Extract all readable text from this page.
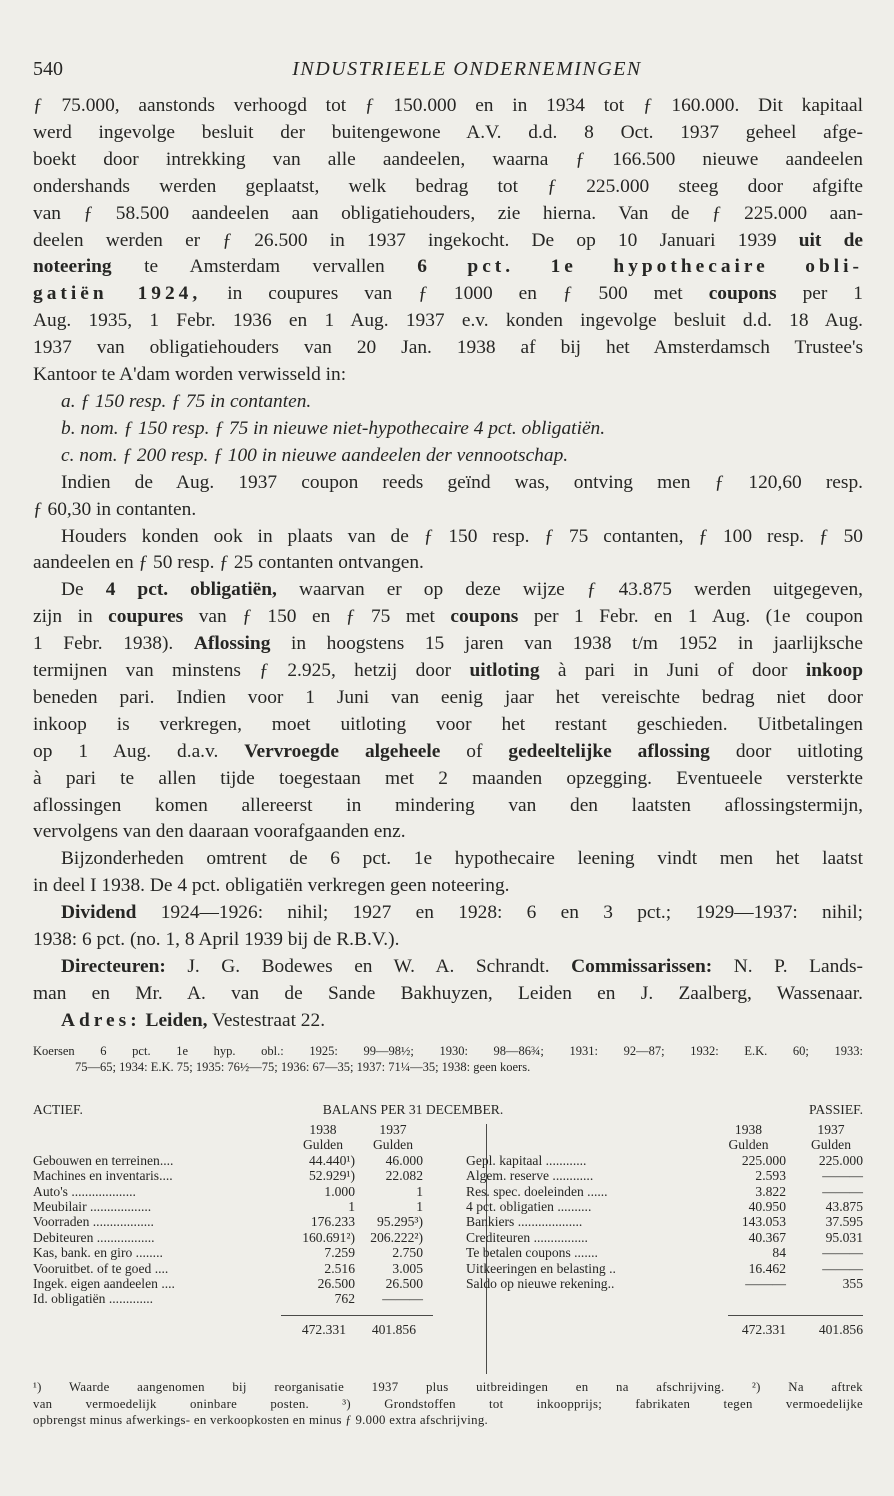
540	INDUSTRIEELE ONDERNEMINGEN

ƒ 75.000, aanstonds verhoogd tot ƒ 150.000 en in 1934 tot ƒ 160.000. Dit kapitaal

werd ingevolge besluit der buitengewone A.V. d.d. 8 Oct. 1937 geheel afge-

boekt door intrekking van alle aandeelen, waarna ƒ 166.500 nieuwe aandeelen

ondershands werden geplaatst, welk bedrag tot ƒ 225.000 steeg door afgifte

van ƒ 58.500 aandeelen aan obligatiehouders, zie hierna. Van de ƒ 225.000 aan-

deelen werden er ƒ 26.500 in 1937 ingekocht. De op 10 Januari 1939 uit de

noteering te Amsterdam vervallen 6 pct. 1e hypothecaire obli-

gatiën 1924, in coupures van ƒ 1000 en ƒ 500 met coupons per 1

Aug. 1935, 1 Febr. 1936 en 1 Aug. 1937 e.v. konden ingevolge besluit d.d. 18 Aug.

1937 van obligatiehouders van 20 Jan. 1938 af bij het Amsterdamsch Trustee's

Kantoor te A'dam worden verwisseld in:

a. ƒ 150 resp. ƒ 75 in contanten.

b. nom. ƒ 150 resp. ƒ 75 in nieuwe niet-hypothecaire 4 pct. obligatiën.

c. nom. ƒ 200 resp. ƒ 100 in nieuwe aandeelen der vennootschap.

Indien de Aug. 1937 coupon reeds geïnd was, ontving men ƒ 120,60 resp.

ƒ 60,30 in contanten.

Houders konden ook in plaats van de ƒ 150 resp. ƒ 75 contanten, ƒ 100 resp. ƒ 50

aandeelen en ƒ 50 resp. ƒ 25 contanten ontvangen.

De 4 pct. obligatiën, waarvan er op deze wijze ƒ 43.875 werden uitgegeven,

zijn in coupures van ƒ 150 en ƒ 75 met coupons per 1 Febr. en 1 Aug. (1e coupon

1 Febr. 1938). Aflossing in hoogstens 15 jaren van 1938 t/m 1952 in jaarlijksche

termijnen van minstens ƒ 2.925, hetzij door uitloting à pari in Juni of door inkoop

beneden pari. Indien voor 1 Juni van eenig jaar het vereischte bedrag niet door

inkoop is verkregen, moet uitloting voor het restant geschieden. Uitbetalingen

op 1 Aug. d.a.v. Vervroegde algeheele of gedeeltelijke aflossing door uitloting

à pari te allen tijde toegestaan met 2 maanden opzegging. Eventueele versterkte

aflossingen komen allereerst in mindering van den laatsten aflossingstermijn,

vervolgens van den daaraan voorafgaanden enz.

Bijzonderheden omtrent de 6 pct. 1e hypothecaire leening vindt men het laatst

in deel I 1938. De 4 pct. obligatiën verkregen geen noteering.

Dividend 1924—1926: nihil; 1927 en 1928: 6 en 3 pct.; 1929—1937: nihil;

1938: 6 pct. (no. 1, 8 April 1939 bij de R.B.V.).

Directeuren: J. G. Bodewes en W. A. Schrandt. Commissarissen: N. P. Lands-

man en Mr. A. van de Sande Bakhuyzen, Leiden en J. Zaalberg, Wassenaar.

Adres: Leiden, Vestestraat 22.

Koersen 6 pct. 1e hyp. obl.: 1925: 99—98½; 1930: 98—86¾; 1931: 92—87; 1932: E.K. 60; 1933:

75—65; 1934: E.K. 75; 1935: 76½—75; 1936: 67—35; 1937: 71¼—35; 1938: geen koers.

ACTIEF.	BALANS PER 31 DECEMBER.	PASSIEF.
1938	1937
Gulden	Gulden
Gebouwen en terreinen....	44.440¹)	46.000
Machines en inventaris....	52.929¹)	22.082
Auto's ...................	1.000	1
Meubilair ..................	1	1
Voorraden ..................	176.233	95.295³)
Debiteuren .................	160.691²)	206.222²)
Kas, bank. en giro ........	7.259	2.750
Vooruitbet. of te goed ....	2.516	3.005
Ingek. eigen aandeelen ....	26.500	26.500
Id. obligatiën .............	762	———
472.331	401.856
1938	1937
Gulden	Gulden
Gepl. kapitaal ............	225.000	225.000
Algem. reserve ............	2.593	———
Res. spec. doeleinden ......	3.822	———
4 pct. obligatien ..........	40.950	43.875
Bankiers ...................	143.053	37.595
Crediteuren ................	40.367	95.031
Te betalen coupons .......	84	———
Uitkeeringen en belasting ..	16.462	———
Saldo op nieuwe rekening..	———	355
472.331	401.856

¹) Waarde aangenomen bij reorganisatie 1937 plus uitbreidingen en na afschrijving. ²) Na aftrek

van vermoedelijk oninbare posten. ³) Grondstoffen tot inkoopprijs; fabrikaten tegen vermoedelijke

opbrengst minus afwerkings- en verkoopkosten en minus ƒ 9.000 extra afschrijving.
